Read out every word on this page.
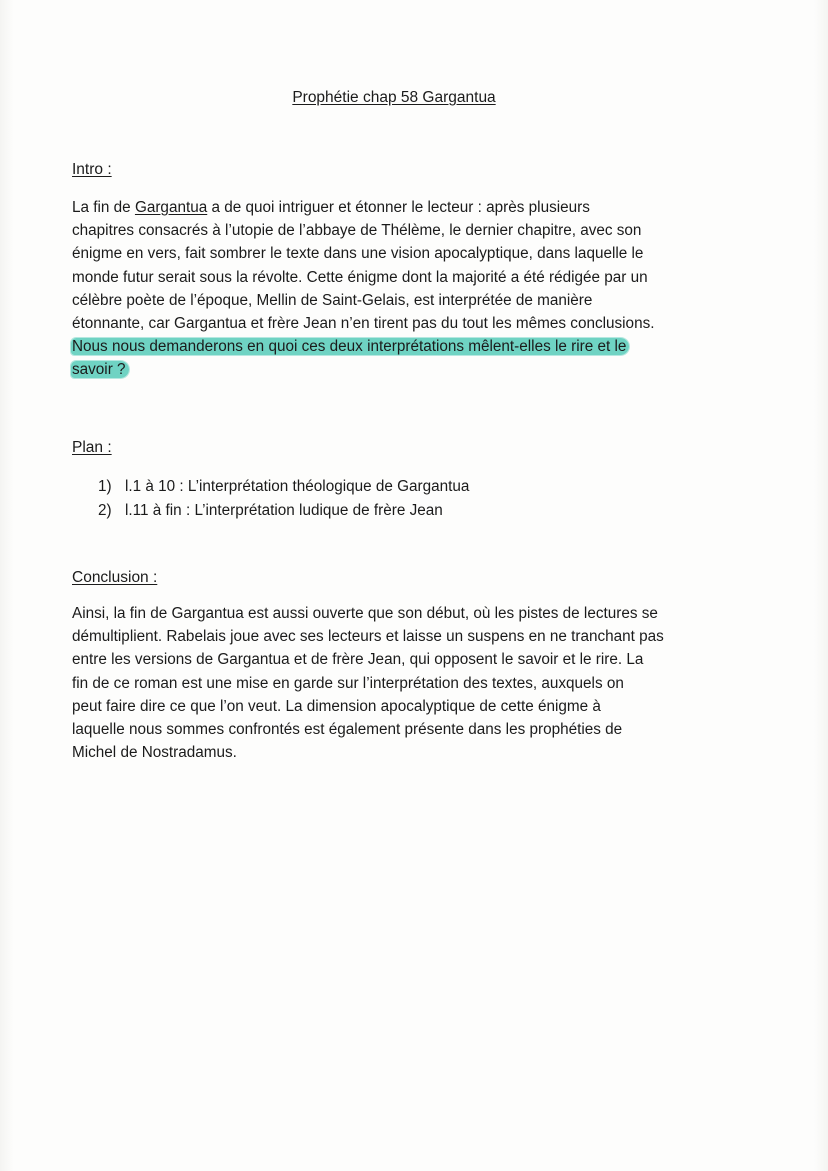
Prophétie chap 58 Gargantua
Intro :
La fin de Gargantua a de quoi intriguer et étonner le lecteur : après plusieurs
chapitres consacrés à l’utopie de l’abbaye de Thélème, le dernier chapitre, avec son
énigme en vers, fait sombrer le texte dans une vision apocalyptique, dans laquelle le
monde futur serait sous la révolte. Cette énigme dont la majorité a été rédigée par un
célèbre poète de l’époque, Mellin de Saint-Gelais, est interprétée de manière
étonnante, car Gargantua et frère Jean n’en tirent pas du tout les mêmes conclusions.
Nous nous demanderons en quoi ces deux interprétations mêlent-elles le rire et le
savoir ?
Plan :
1) l.1 à 10 : L’interprétation théologique de Gargantua
2) l.11 à fin : L’interprétation ludique de frère Jean
Conclusion :
Ainsi, la fin de Gargantua est aussi ouverte que son début, où les pistes de lectures se
démultiplient. Rabelais joue avec ses lecteurs et laisse un suspens en ne tranchant pas
entre les versions de Gargantua et de frère Jean, qui opposent le savoir et le rire. La
fin de ce roman est une mise en garde sur l’interprétation des textes, auxquels on
peut faire dire ce que l’on veut. La dimension apocalyptique de cette énigme à
laquelle nous sommes confrontés est également présente dans les prophéties de
Michel de Nostradamus.
